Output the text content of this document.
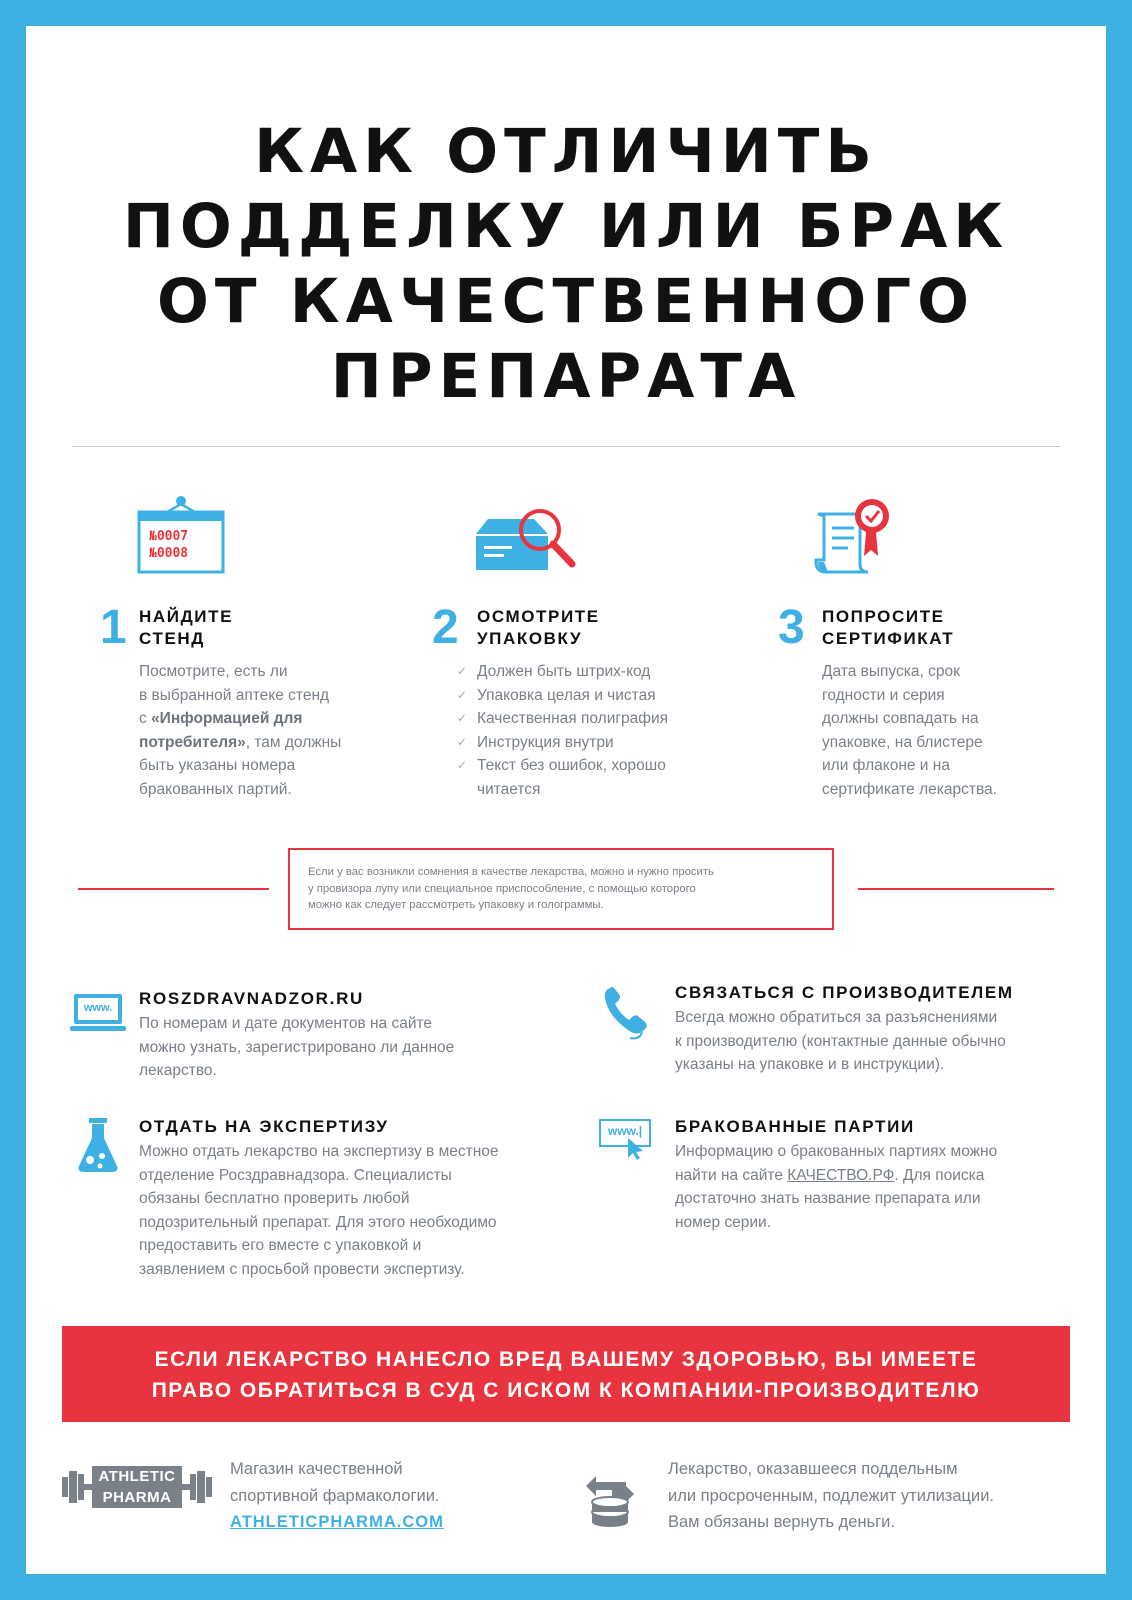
КАК ОТЛИЧИТЬ
ПОДДЕЛКУ ИЛИ БРАК
ОТ КАЧЕСТВЕННОГО
ПРЕПАРАТА
№0007
№0008
1 НАЙДИТЕ
СТЕНД
Посмотрите, есть ли
в выбранной аптеке стенд
с «Информацией для
потребителя», там должны
быть указаны номера
бракованных партий.
2 ОСМОТРИТЕ
УПАКОВКУ
✓ Должен быть штрих-код
✓ Упаковка целая и чистая
✓ Качественная полиграфия
✓ Инструкция внутри
✓ Текст без ошибок, хорошо
читается
3 ПОПРОСИТЕ
СЕРТИФИКАТ
Дата выпуска, срок
годности и серия
должны совпадать на
упаковке, на блистере
или флаконе и на
сертификате лекарства.
Если у вас возникли сомнения в качестве лекарства, можно и нужно просить
у провизора лупу или специальное приспособление, с помощью которого
можно как следует рассмотреть упаковку и голограммы.
www.	ROSZDRAVNADZOR.RU
По номерам и дате документов на сайте
можно узнать, зарегистрировано ли данное
лекарство.
СВЯЗАТЬСЯ С ПРОИЗВОДИТЕЛЕМ
Всегда можно обратиться за разъяснениями
к производителю (контактные данные обычно
указаны на упаковке и в инструкции).
ОТДАТЬ НА ЭКСПЕРТИЗУ
Можно отдать лекарство на экспертизу в местное
отделение Росздравнадзора. Специалисты
обязаны бесплатно проверить любой
подозрительный препарат. Для этого необходимо
предоставить его вместе с упаковкой и
заявлением с просьбой провести экспертизу.
www.|	БРАКОВАННЫЕ ПАРТИИ
Информацию о бракованных партиях можно
найти на сайте КАЧЕСТВО.РФ. Для поиска
достаточно знать название препарата или
номер серии.
ЕСЛИ ЛЕКАРСТВО НАНЕСЛО ВРЕД ВАШЕМУ ЗДОРОВЬЮ, ВЫ ИМЕЕТЕ
ПРАВО ОБРАТИТЬСЯ В СУД С ИСКОМ К КОМПАНИИ-ПРОИЗВОДИТЕЛЮ
ATHLETIC
PHARMA
Магазин качественной
спортивной фармакологии.
ATHLETICPHARMA.COM
Лекарство, оказавшееся поддельным
или просроченным, подлежит утилизации.
Вам обязаны вернуть деньги.
